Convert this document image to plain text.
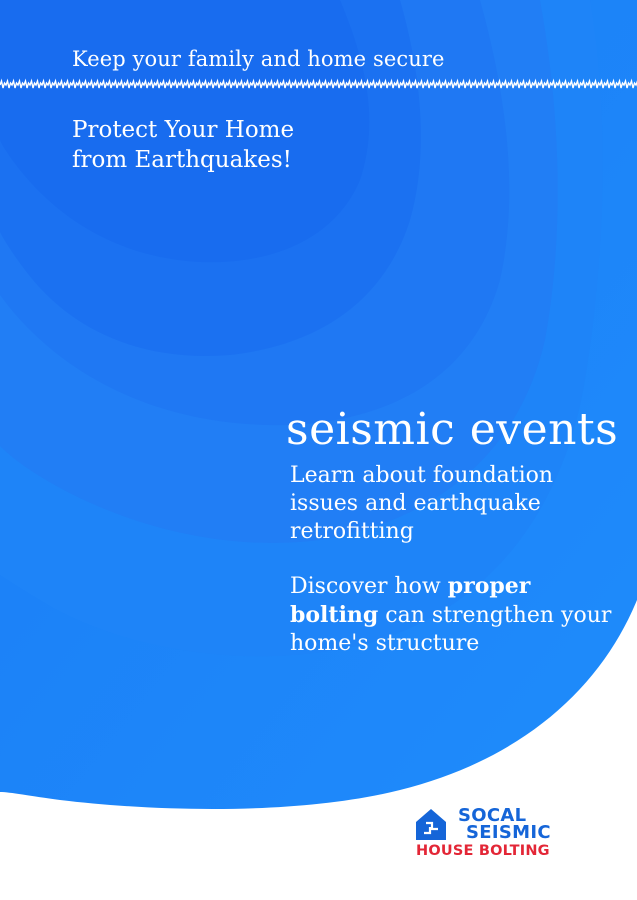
Keep your family and home secure

Protect Your Home
from Earthquakes!

seismic events

Learn about foundation issues and earthquake retrofitting

Discover how proper bolting can strengthen your home's structure

SOCAL
SEISMIC
HOUSE BOLTING
